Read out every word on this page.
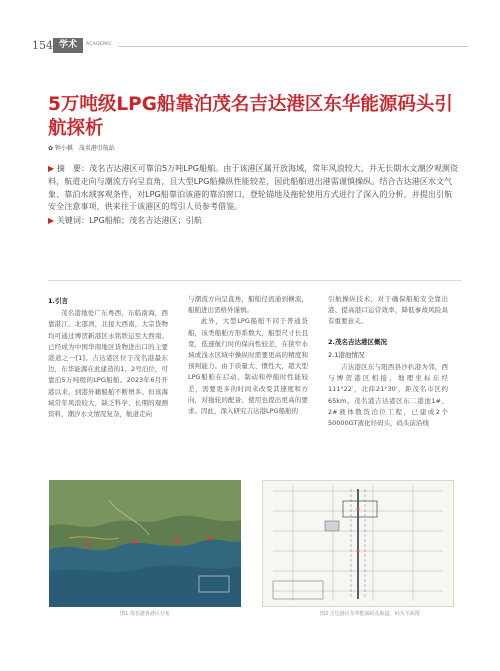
154 学术	ACADEMIC
5万吨级LPG船靠泊茂名吉达港区东华能源码头引航探析
✿ 钟小棋　茂名港引航站

▶ 摘　要：茂名吉达港区可靠泊5万吨LPG船舶。由于该港区属开放海域，常年风浪较大，并无长期水文潮汐观测资料，航道走向与潮流方向呈直角，且大型LPG船操纵性能较差，因此船舶进出港需谨慎操纵。结合吉达港区水文气象、靠泊水域客观条件，对LPG船靠泊该港的靠泊窗口、登轮锚地及拖轮使用方式进行了深入的分析，并提出引航安全注意事项，供来往于该港区的驾引人员参考借鉴。

▶ 关键词：LPG船舶；茂名吉达港区；引航

1.引言

茂名港地处广东粤西，东临南海，西靠湛江、北部湾，北接大西南，大宗货物均可通过博贺新港区永铭铁运至大西南。已经成为中国华南地区货物进出口的主要港道之一[1]。吉达港区位于茂名港最东边，东华能源在此建造的1、2号泊位，可靠泊5万吨级的LPG船舶。2023年6月开港以来，到港外籍船舶不断增多。但该海域常年风浪较大，缺乏科学、长期的观测资料，潮汐水文情况复杂，航道走向

与潮流方向呈直角，船舶径流通到横流，船舶进出需格外谨慎。

此外，大型LPG船舶不同于普通货船，该类船舶方形系数大，船型尺寸长且宽，低速航行时的保向性较差，在狭窄水域或浅水区域中操纵时需要更高的精度和预判能力。由于质量大、惯性大，超大型LPG船舶在启动、制动和停船时性能较差，需要更多的时间来改变其速度和方向，对拖轮的配备、使用也提出更高的要求。因此，深入研究吉达港LPG船舶的

引航操纵技术，对于确保船舶安全靠出港、提高港口运营效率、降低事故风险具有重要意义。

2.茂名吉达港区概况

2.1港池情况

吉达港区东与阳西县沙扒港为邻，西与博贺港区相接，地理坐标东经111°22′，北纬21°30′，距茂名市区约65km。茂名港吉达港区东二港池1#、2#液体散货泊位工程，已建成2个50000GT液化烃码头，码头前沿线

图1 茂名港各港区分布	图2 吉达港区东华能源码头航道、码头平面图
